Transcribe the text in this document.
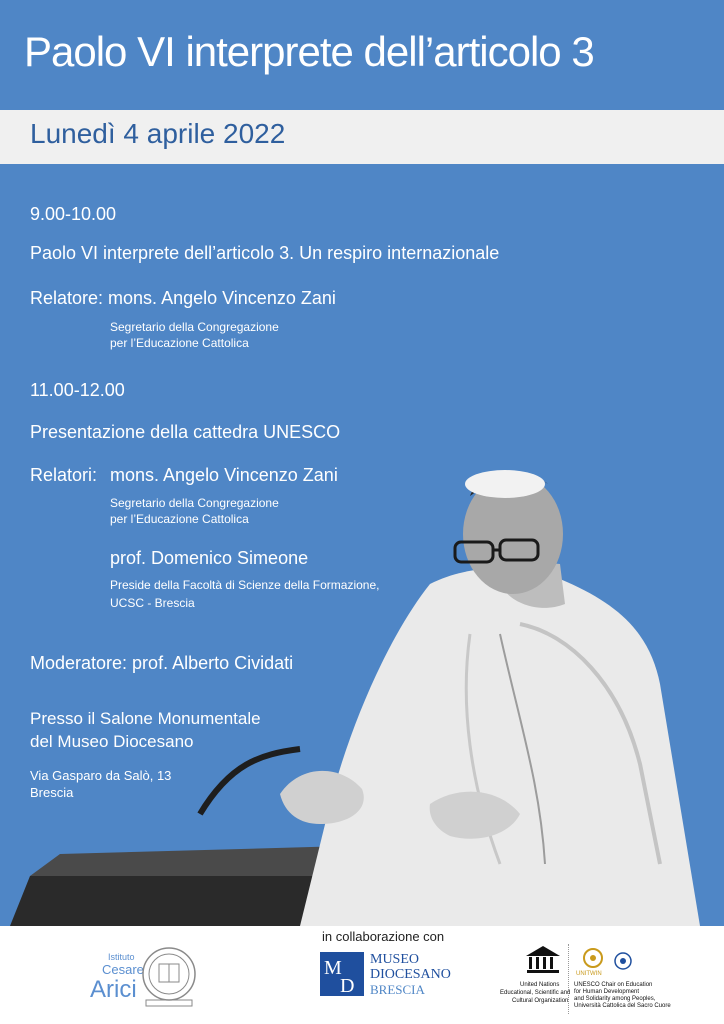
Paolo VI interprete dell’articolo 3
Lunedì 4 aprile 2022
9.00-10.00
Paolo VI interprete dell’articolo 3. Un respiro internazionale
Relatore: mons. Angelo Vincenzo Zani
Segretario della Congregazione
per l’Educazione Cattolica
11.00-12.00
Presentazione della cattedra UNESCO
Relatori: mons. Angelo Vincenzo Zani
Segretario della Congregazione
per l’Educazione Cattolica
prof. Domenico Simeone
Preside della Facoltà di Scienze della Formazione,
UCSC - Brescia
Moderatore: prof. Alberto Cividati
Presso il Salone Monumentale
del Museo Diocesano
Via Gasparo da Salò, 13
Brescia
in collaborazione con
Istituto
Cesare
Arici
M
D
MUSEO
DIOCESANO
BRESCIA	United Nations
Educational, Scientific and
Cultural Organization
UNITWIN
UNESCO Chair on Education
for Human Development
and Solidarity among Peoples,
Università Cattolica del Sacro Cuore
